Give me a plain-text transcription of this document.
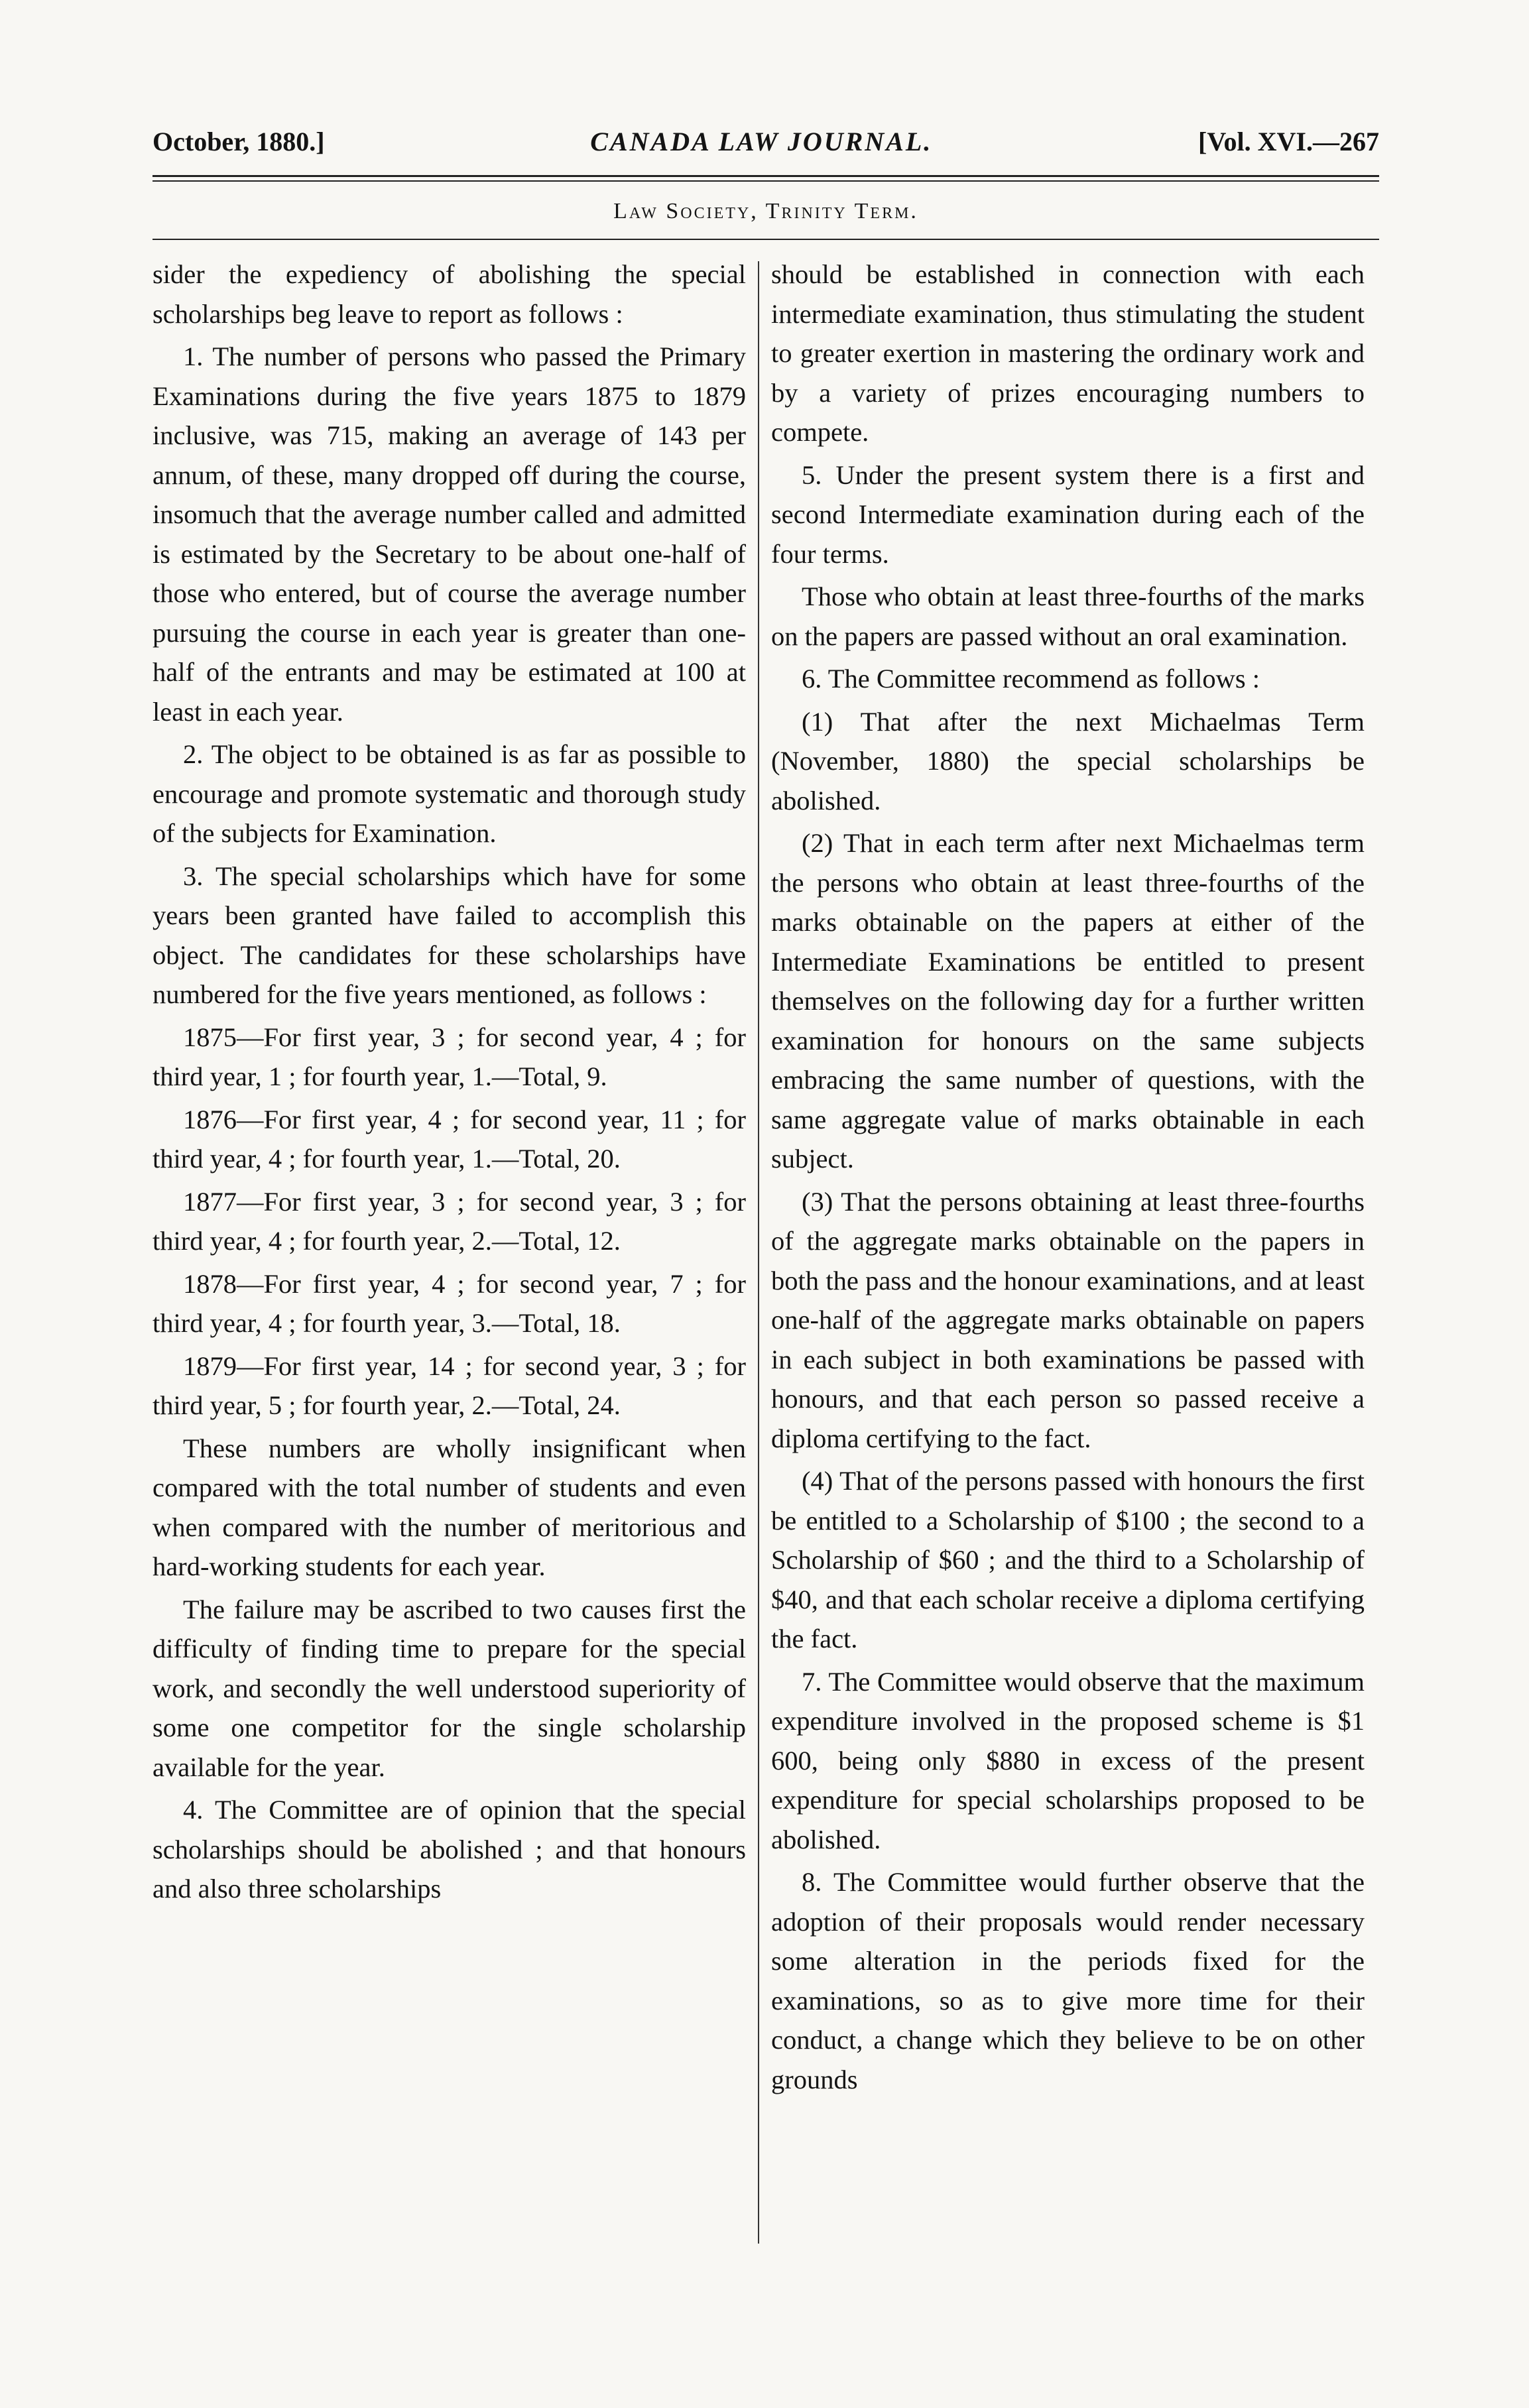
October, 1880.]	CANADA LAW JOURNAL.	[Vol. XVI.—267
Law Society, Trinity Term.

sider the expediency of abolishing the special scholarships beg leave to report as follows :

1. The number of persons who passed the Primary Examinations during the five years 1875 to 1879 inclusive, was 715, making an average of 143 per annum, of these, many dropped off during the course, insomuch that the average number called and admitted is estimated by the Secretary to be about one-half of those who entered, but of course the average number pursuing the course in each year is greater than one-half of the entrants and may be estimated at 100 at least in each year.

2. The object to be obtained is as far as possible to encourage and promote systematic and thorough study of the subjects for Examination.

3. The special scholarships which have for some years been granted have failed to accomplish this object. The candidates for these scholarships have numbered for the five years mentioned, as follows :

1875—For first year, 3 ; for second year, 4 ; for third year, 1 ; for fourth year, 1.—Total, 9.

1876—For first year, 4 ; for second year, 11 ; for third year, 4 ; for fourth year, 1.—Total, 20.

1877—For first year, 3 ; for second year, 3 ; for third year, 4 ; for fourth year, 2.—Total, 12.

1878—For first year, 4 ; for second year, 7 ; for third year, 4 ; for fourth year, 3.—Total, 18.

1879—For first year, 14 ; for second year, 3 ; for third year, 5 ; for fourth year, 2.—Total, 24.

These numbers are wholly insignificant when compared with the total number of students and even when compared with the number of meritorious and hard-working students for each year.

The failure may be ascribed to two causes first the difficulty of finding time to prepare for the special work, and secondly the well understood superiority of some one competitor for the single scholarship available for the year.

4. The Committee are of opinion that the special scholarships should be abolished ; and that honours and also three scholarships

should be established in connection with each intermediate examination, thus stimulating the student to greater exertion in mastering the ordinary work and by a variety of prizes encouraging numbers to compete.

5. Under the present system there is a first and second Intermediate examination during each of the four terms.

Those who obtain at least three-fourths of the marks on the papers are passed without an oral examination.

6. The Committee recommend as follows :

(1) That after the next Michaelmas Term (November, 1880) the special scholarships be abolished.

(2) That in each term after next Michaelmas term the persons who obtain at least three-fourths of the marks obtainable on the papers at either of the Intermediate Examinations be entitled to present themselves on the following day for a further written examination for honours on the same subjects embracing the same number of questions, with the same aggregate value of marks obtainable in each subject.

(3) That the persons obtaining at least three-fourths of the aggregate marks obtainable on the papers in both the pass and the honour examinations, and at least one-half of the aggregate marks obtainable on papers in each subject in both examinations be passed with honours, and that each person so passed receive a diploma certifying to the fact.

(4) That of the persons passed with honours the first be entitled to a Scholarship of $100 ; the second to a Scholarship of $60 ; and the third to a Scholarship of $40, and that each scholar receive a diploma certifying the fact.

7. The Committee would observe that the maximum expenditure involved in the proposed scheme is $1 600, being only $880 in excess of the present expenditure for special scholarships proposed to be abolished.

8. The Committee would further observe that the adoption of their proposals would render necessary some alteration in the periods fixed for the examinations, so as to give more time for their conduct, a change which they believe to be on other grounds
